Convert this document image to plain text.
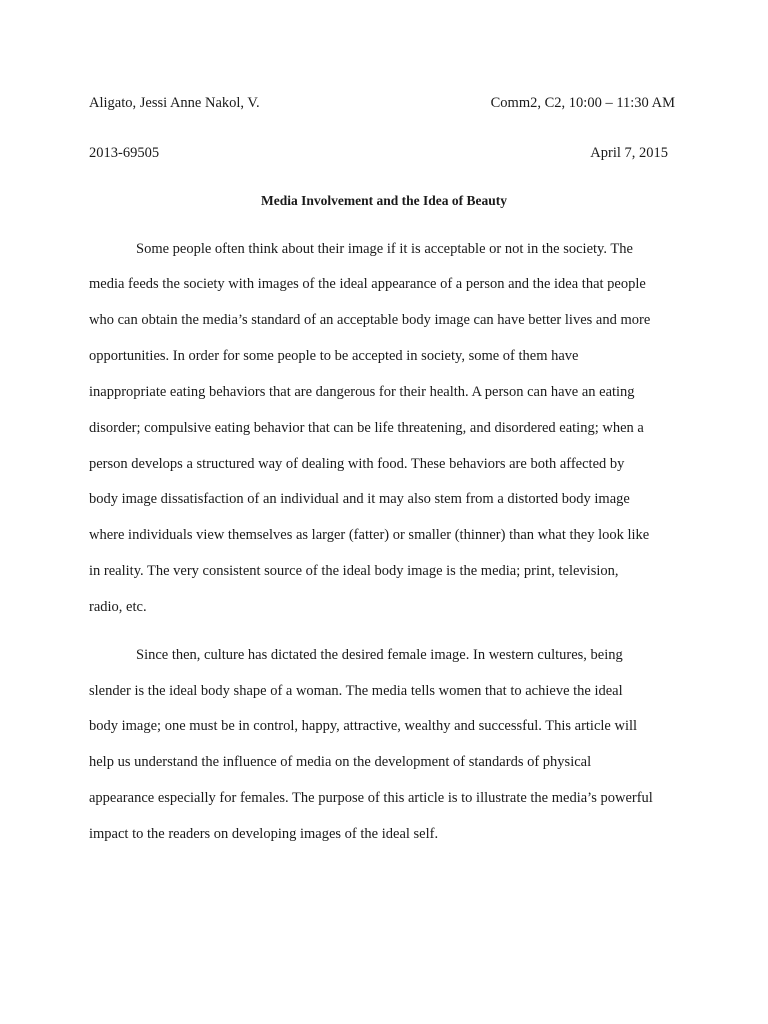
Aligato, Jessi Anne Nakol, V.	Comm2, C2, 10:00 – 11:30 AM
2013-69505	April 7, 2015
Media Involvement and the Idea of Beauty
Some people often think about their image if it is acceptable or not in the society. The
media feeds the society with images of the ideal appearance of a person and the idea that people
who can obtain the media’s standard of an acceptable body image can have better lives and more
opportunities. In order for some people to be accepted in society, some of them have
inappropriate eating behaviors that are dangerous for their health. A person can have an eating
disorder; compulsive eating behavior that can be life threatening, and disordered eating; when a
person develops a structured way of dealing with food. These behaviors are both affected by
body image dissatisfaction of an individual and it may also stem from a distorted body image
where individuals view themselves as larger (fatter) or smaller (thinner) than what they look like
in reality. The very consistent source of the ideal body image is the media; print, television,
radio, etc.
Since then, culture has dictated the desired female image. In western cultures, being
slender is the ideal body shape of a woman. The media tells women that to achieve the ideal
body image; one must be in control, happy, attractive, wealthy and successful. This article will
help us understand the influence of media on the development of standards of physical
appearance especially for females. The purpose of this article is to illustrate the media’s powerful
impact to the readers on developing images of the ideal self.
